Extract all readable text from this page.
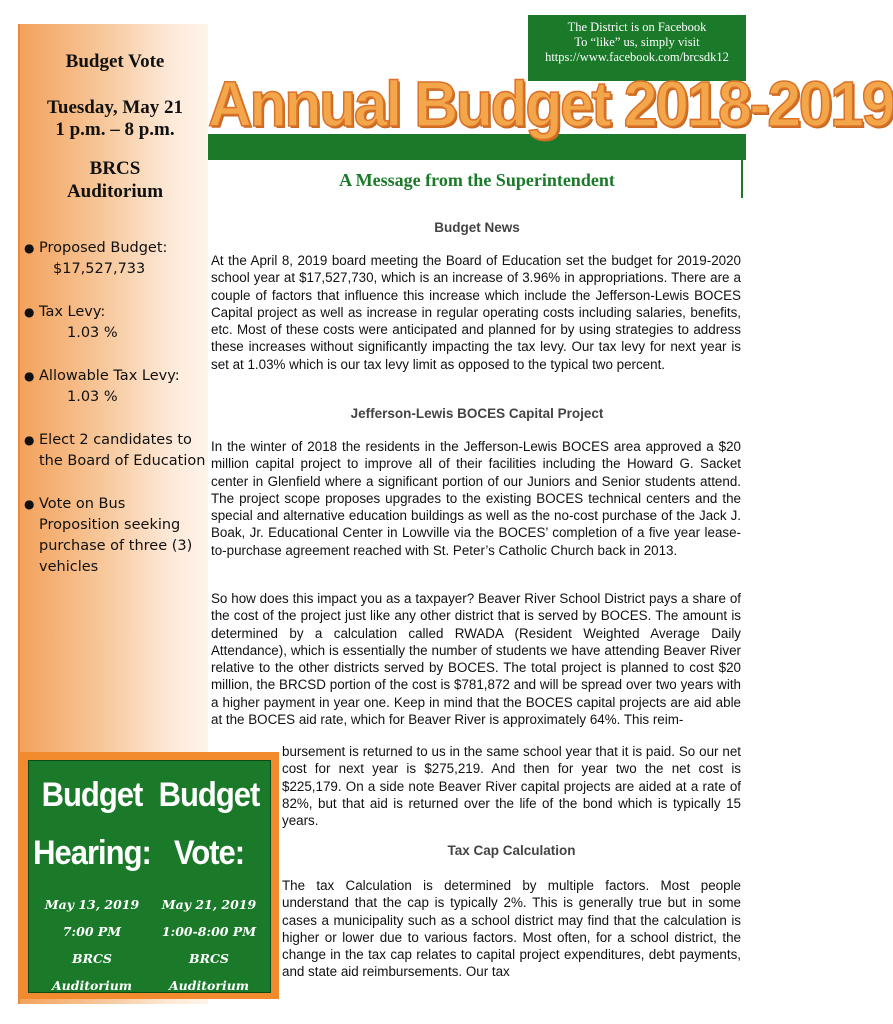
Budget Vote
Tuesday, May 21
1 p.m. – 8 p.m.
BRCS
Auditorium
● Proposed Budget:
$17,527,733
● Tax Levy:
1.03 %
● Allowable Tax Levy:
1.03 %
● Elect 2 candidates to the Board of Education
● Vote on Bus Proposition seeking purchase of three (3) vehicles
The District is on Facebook
To “like” us, simply visit
https://www.facebook.com/brcsdk12
Annual Budget 2018-2019
A Message from the Superintendent
Budget News
At the April 8, 2019 board meeting the Board of Education set the budget for 2019-2020 school year at $17,527,730, which is an increase of 3.96% in appropriations. There are a couple of factors that influence this increase which include the Jefferson-Lewis BOCES Capital project as well as increase in regular operating costs including salaries, benefits, etc. Most of these costs were anticipated and planned for by using strategies to address these increases without significantly impacting the tax levy. Our tax levy for next year is set at 1.03% which is our tax levy limit as opposed to the typical two percent.
Jefferson-Lewis BOCES Capital Project
In the winter of 2018 the residents in the Jefferson-Lewis BOCES area approved a $20 million capital project to improve all of their facilities including the Howard G. Sacket center in Glenfield where a significant portion of our Juniors and Senior students attend. The project scope proposes upgrades to the existing BOCES technical centers and the special and alternative education buildings as well as the no-cost purchase of the Jack J. Boak, Jr. Educational Center in Lowville via the BOCES’ completion of a five year lease-to-purchase agreement reached with St. Peter’s Catholic Church back in 2013.
So how does this impact you as a taxpayer? Beaver River School District pays a share of the cost of the project just like any other district that is served by BOCES. The amount is determined by a calculation called RWADA (Resident Weighted Average Daily Attendance), which is essentially the number of students we have attending Beaver River relative to the other districts served by BOCES. The total project is planned to cost $20 million, the BRCSD portion of the cost is $781,872 and will be spread over two years with a higher payment in year one. Keep in mind that the BOCES capital projects are aid able at the BOCES aid rate, which for Beaver River is approximately 64%. This reim-
bursement is returned to us in the same school year that it is paid. So our net cost for next year is $275,219. And then for year two the net cost is $225,179. On a side note Beaver River capital projects are aided at a rate of 82%, but that aid is returned over the life of the bond which is typically 15 years.
Tax Cap Calculation
The tax Calculation is determined by multiple factors. Most people understand that the cap is typically 2%. This is generally true but in some cases a municipality such as a school district may find that the calculation is higher or lower due to various factors. Most often, for a school district, the change in the tax cap relates to capital project expenditures, debt payments, and state aid reimbursements. Our tax
Budget
Hearing:
May 13, 2019
7:00 PM
BRCS
Auditorium
Budget
Vote:
May 21, 2019
1:00-8:00 PM
BRCS
Auditorium
